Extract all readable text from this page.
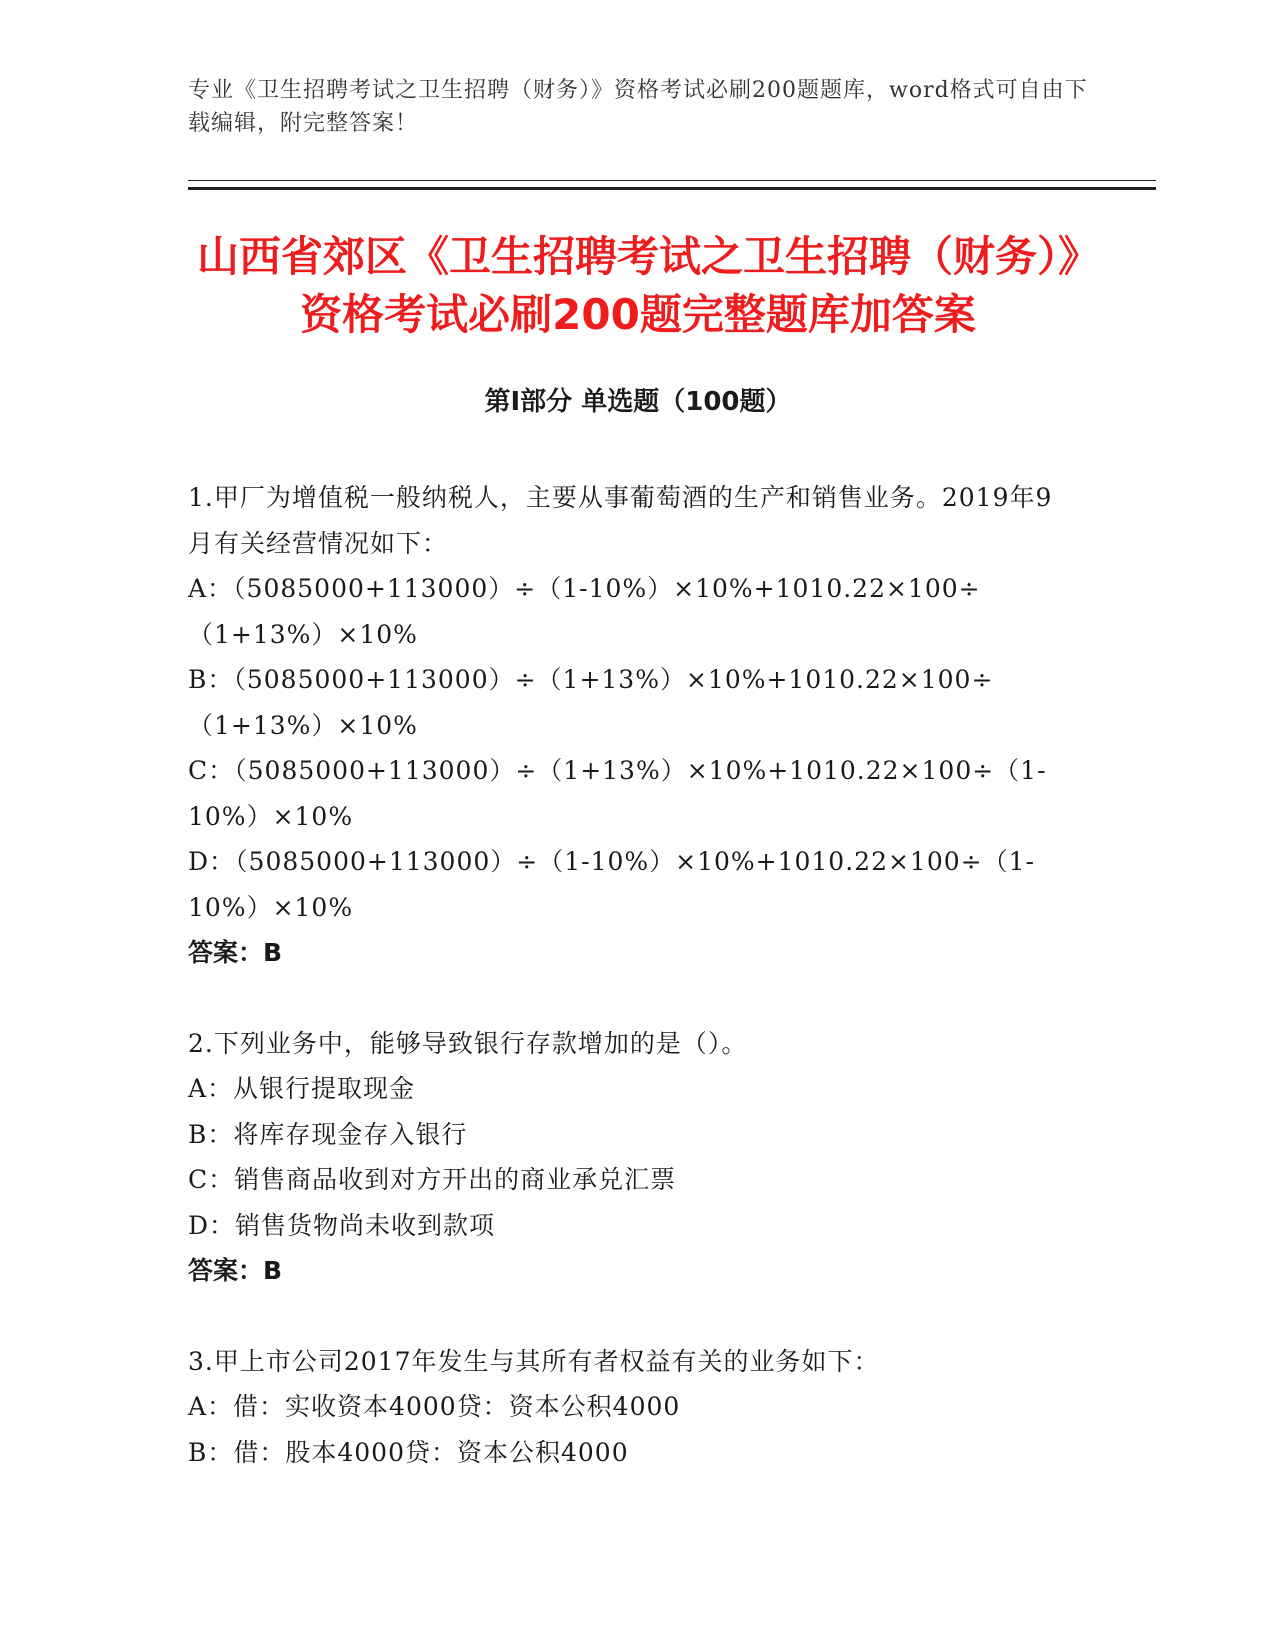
专业《卫生招聘考试之卫生招聘（财务）》资格考试必刷200题题库，word格式可自由下载编辑，附完整答案！
山西省郊区《卫生招聘考试之卫生招聘（财务）》资格考试必刷200题完整题库加答案
第Ⅰ部分 单选题（100题）
1.甲厂为增值税一般纳税人，主要从事葡萄酒的生产和销售业务。2019年9月有关经营情况如下：
A：（5085000+113000）÷（1-10%）×10%+1010.22×100÷（1+13%）×10%
B：（5085000+113000）÷（1+13%）×10%+1010.22×100÷（1+13%）×10%
C：（5085000+113000）÷（1+13%）×10%+1010.22×100÷（1-10%）×10%
D：（5085000+113000）÷（1-10%）×10%+1010.22×100÷（1-10%）×10%
答案：B
2.下列业务中，能够导致银行存款增加的是（）。
A：从银行提取现金
B：将库存现金存入银行
C：销售商品收到对方开出的商业承兑汇票
D：销售货物尚未收到款项
答案：B
3.甲上市公司2017年发生与其所有者权益有关的业务如下：
A：借：实收资本4000贷：资本公积4000
B：借：股本4000贷：资本公积4000
